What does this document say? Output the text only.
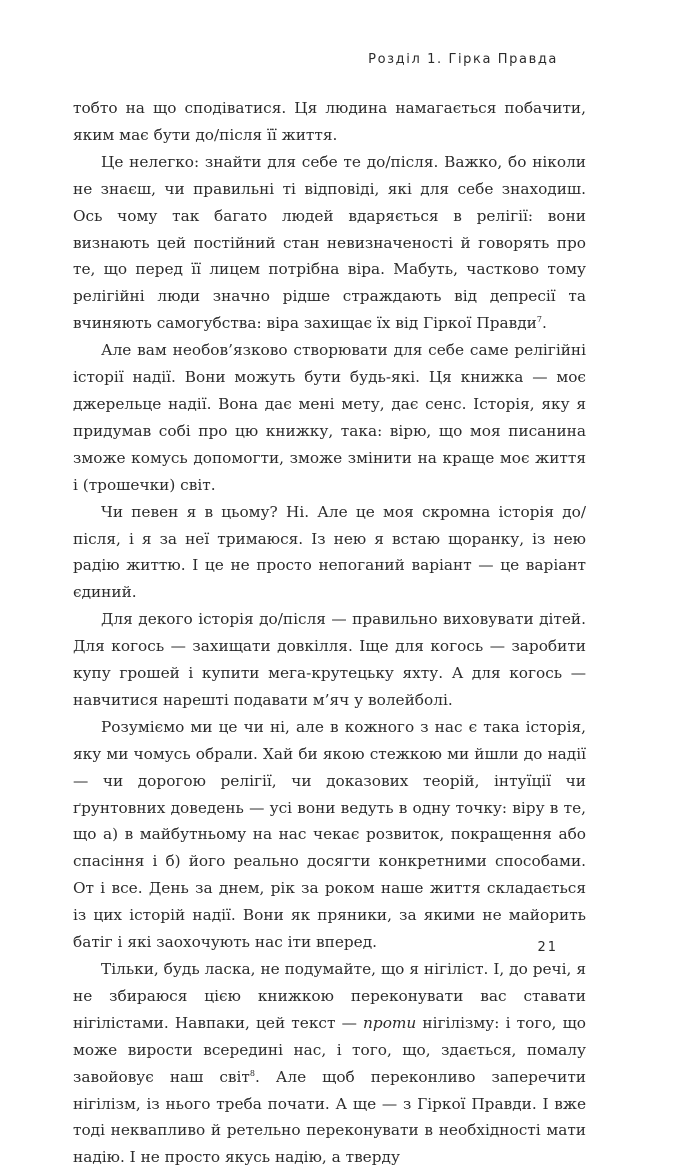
Розділ 1. Гірка Правда

тобто на що сподіватися. Ця людина намагається побачити, яким має бути до/після її життя.

Це нелегко: знайти для себе те до/після. Важко, бо ніколи не знаєш, чи правильні ті відповіді, які для себе знаходиш. Ось чому так багато людей вдаряється в релігії: вони визнають цей постійний стан невизначеності й говорять про те, що перед її лицем потрібна віра. Мабуть, частково тому релігійні люди значно рідше страждають від депресії та вчиняють самогубства: віра захищає їх від Гіркої Правди$^7$.

Але вам необов’язково створювати для себе саме релігійні історії надії. Вони можуть бути будь-які. Ця книжка — моє джерельце надії. Вона дає мені мету, дає сенс. Історія, яку я придумав собі про цю книжку, така: вірю, що моя писанина зможе комусь допомогти, зможе змінити на краще моє життя і (трошечки) світ.

Чи певен я в цьому? Ні. Але це моя скромна історія до/після, і я за неї тримаюся. Із нею я встаю щоранку, із нею радію життю. І це не просто непоганий варіант — це варіант єдиний.

Для декого історія до/після — правильно виховувати дітей. Для когось — захищати довкілля. Іще для когось — заробити купу грошей і купити мега-крутецьку яхту. А для когось — навчитися нарешті подавати м’яч у волейболі.

Розуміємо ми це чи ні, але в кожного з нас є така історія, яку ми чомусь обрали. Хай би якою стежкою ми йшли до надії — чи дорогою релігії, чи доказових теорій, інтуїції чи ґрунтовних доведень — усі вони ведуть в одну точку: віру в те, що а) в майбутньому на нас чекає розвиток, покращення або спасіння і б) його реально досягти конкретними способами. От і все. День за днем, рік за роком наше життя складається із цих історій надії. Вони як пряники, за якими не майорить батіг і які заохочують нас іти вперед.

Тільки, будь ласка, не подумайте, що я нігіліст. І, до речі, я не збираюся цією книжкою переконувати вас ставати нігілістами. Навпаки, цей текст — проти нігілізму: і того, що може вирости всередині нас, і того, що, здається, помалу завойовує наш світ$^8$. Але щоб переконливо заперечити нігілізм, із нього треба почати. А ще — з Гіркої Правди. І вже тоді неквапливо й ретельно переконувати в необхідності мати надію. І не просто якусь надію, а тверду

21
